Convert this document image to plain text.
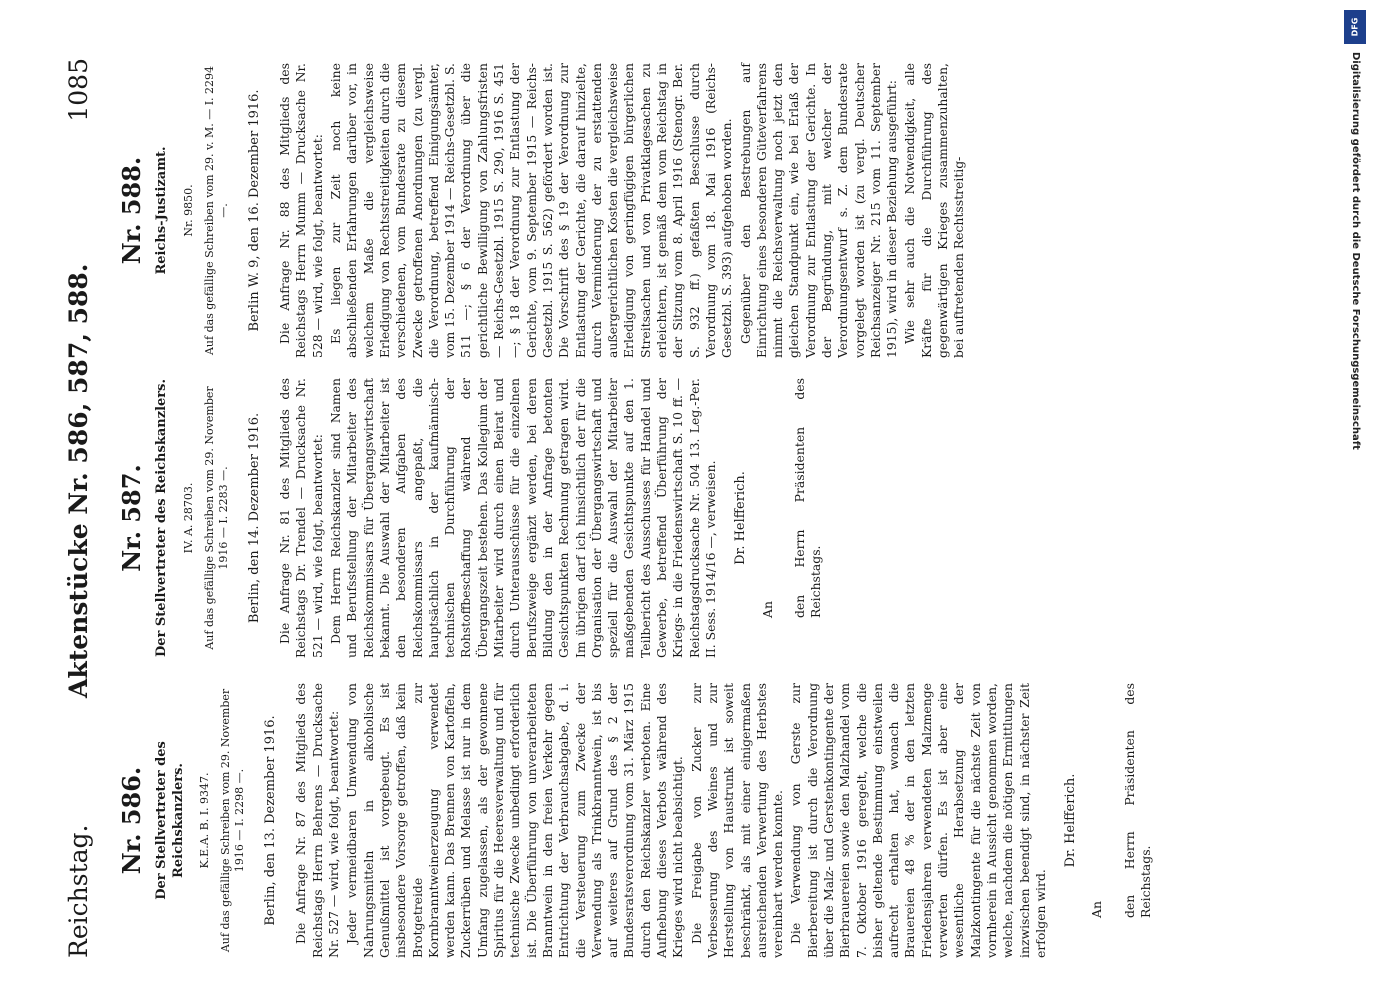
Reichstag.
Aktenstücke Nr. 586, 587, 588.
1085
Nr. 586. Der Stellvertreter des Reichskanzlers. K.E.A. B. I. 9347. Auf das gefällige Schreiben vom 29. November 1916 — I. 2298 —. Berlin, den 13. Dezember 1916. Die Anfrage Nr. 87 des Mitglieds des Reichstags Herrn Behrens — Drucksache Nr. 527 — wird, wie folgt, beantwortet: Jeder vermeidbaren Umwendung von Nahrungsmitteln in alkoholische Genußmittel ist vorgebeugt. Es ist insbesondere Vorsorge getroffen, daß kein Brotgetreide zur Kornbranntweinerzeugung verwendet werden kann. Das Brennen von Kartoffeln, Zuckerrüben und Melasse ist nur in dem Umfang zugelassen, als der gewonnene Spiritus für die Heeresverwaltung und für technische Zwecke unbedingt erforderlich ist. Die Überführung von unverarbeiteten Branntwein in den freien Verkehr gegen Entrichtung der Verbrauchsabgabe, d. i. die Versteuerung zum Zwecke der Verwendung als Trinkbranntwein, ist bis auf weiteres auf Grund des § 2 der Bundesratsverordnung vom 31. März 1915 durch den Reichskanzler verboten. Eine Aufhebung dieses Verbots während des Krieges wird nicht beabsichtigt. Die Freigabe von Zucker zur Verbesserung des Weines und zur Herstellung von Haustrunk ist soweit beschränkt, als mit einer einigermaßen ausreichenden Verwertung des Herbstes vereinbart werden konnte. Die Verwendung von Gerste zur Bierbereitung ist durch die Verordnung über die Malz- und Gerstenkontingente der Bierbrauereien sowie den Malzhandel vom 7. Oktober 1916 geregelt, welche die bisher geltende Bestimmung einstweilen aufrecht erhalten hat, wonach die Brauereien 48 % der in den letzten Friedensjahren verwendeten Malzmenge verwerten dürfen. Es ist aber eine wesentliche Herabsetzung der Malzkontingente für die nächste Zeit von vornherein in Aussicht genommen worden, welche, nachdem die nötigen Ermittlungen inzwischen beendigt sind, in nächster Zeit erfolgen wird.

Dr. Helfferich.
An den Herrn Präsidenten des Reichstags.
Nr. 587. Der Stellvertreter des Reichskanzlers. IV. A. 28703. Auf das gefällige Schreiben vom 29. November 1916 — I. 2283 —. Berlin, den 14. Dezember 1916. Die Anfrage Nr. 81 des Mitglieds des Reichstags Dr. Trendel — Drucksache Nr. 521 — wird, wie folgt, beantwortet: Dem Herrn Reichskanzler sind Namen und Berufsstellung der Mitarbeiter des Reichskommissars für Übergangswirtschaft bekannt. Die Auswahl der Mitarbeiter ist den besonderen Aufgaben des Reichskommissars angepaßt, die hauptsächlich in der kaufmännisch-technischen Durchführung der Rohstoffbeschaffung während der Übergangszeit bestehen. Das Kollegium der Mitarbeiter wird durch einen Beirat und durch Unterausschüsse für die einzelnen Berufszweige ergänzt werden, bei deren Bildung den in der Anfrage betonten Gesichtspunkten Rechnung getragen wird. Im übrigen darf ich hinsichtlich der für die Organisation der Übergangswirtschaft und speziell für die Auswahl der Mitarbeiter maßgebenden Gesichtspunkte auf den 1. Teilbericht des Ausschusses für Handel und Gewerbe, betreffend Überführung der Kriegs- in die Friedenswirtschaft S. 10 ff. — Reichstagsdrucksache Nr. 504 13. Leg.-Per. II. Sess. 1914/16 —, verweisen. Dr. Helfferich.
An den Herrn Präsidenten des Reichstags.
Nr. 588. Reichs-Justizamt. Nr. 9850. Auf das gefällige Schreiben vom 29. v. M. — I. 2294 —. Berlin W. 9, den 16. Dezember 1916. Die Anfrage Nr. 88 des Mitglieds des Reichstags Herrn Mumm — Drucksache Nr. 528 — wird, wie folgt, beantwortet: Es liegen zur Zeit noch keine abschließenden Erfahrungen darüber vor, in welchem Maße die vergleichsweise Erledigung von Rechtsstreitigkeiten durch die verschiedenen, vom Bundesrate zu diesem Zwecke getroffenen Anordnungen (zu vergl. die Verordnung, betreffend Einigungsämter, vom 15. Dezember 1914 — Reichs-Gesetzbl. S. 511 —; § 6 der Verordnung über die gerichtliche Bewilligung von Zahlungsfristen — Reichs-Gesetzbl. 1915 S. 290, 1916 S. 451 —; § 18 der Verordnung zur Entlastung der Gerichte, vom 9. September 1915 — Reichs-Gesetzbl. 1915 S. 562) gefördert worden ist. Die Vorschrift des § 19 der Verordnung zur Entlastung der Gerichte, die darauf hinzielte, durch Verminderung der zu erstattenden außergerichtlichen Kosten die vergleichsweise Erledigung von geringfügigen bürgerlichen Streitsachen und von Privatklagesachen zu erleichtern, ist gemäß dem vom Reichstag in der Sitzung vom 8. April 1916 (Stenogr. Ber. S. 932 ff.) gefaßten Beschlusse durch Verordnung vom 18. Mai 1916 (Reichs-Gesetzbl. S. 393) aufgehoben worden. Gegenüber den Bestrebungen auf Einrichtung eines besonderen Güteverfahrens nimmt die Reichsverwaltung noch jetzt den gleichen Standpunkt ein, wie bei Erlaß der Verordnung zur Entlastung der Gerichte. In der Begründung, mit welcher der Verordnungsentwurf s. Z. dem Bundesrate vorgelegt worden ist (zu vergl. Deutscher Reichsanzeiger Nr. 215 vom 11. September 1915), wird in dieser Beziehung ausgeführt: Wie sehr auch die Notwendigkeit, alle Kräfte für die Durchführung des gegenwärtigen Krieges zusammenzuhalten, bei auftretenden Rechtsstreitig-

DFG
Digitalisierung gefördert durch die Deutsche Forschungsgemeinschaft
